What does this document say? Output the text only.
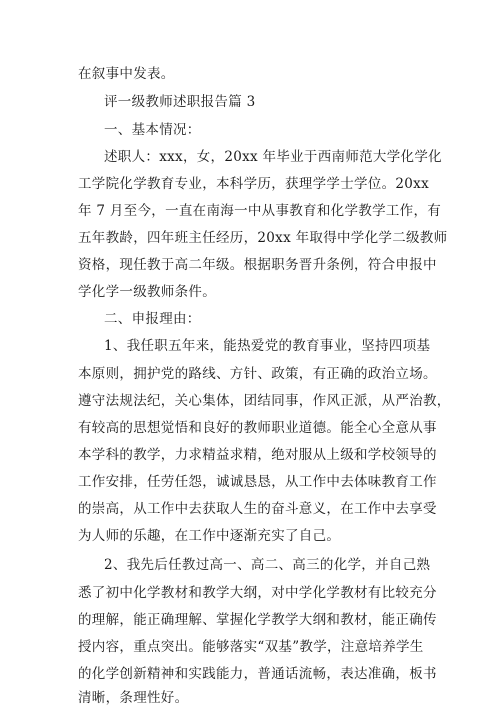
在叙事中发表。
评一级教师述职报告篇 3
一、基本情况：
述职人：xxx，女，20xx 年毕业于西南师范大学化学化
工学院化学教育专业，本科学历，获理学学士学位。20xx
年 7 月至今，一直在南海一中从事教育和化学教学工作，有
五年教龄，四年班主任经历，20xx 年取得中学化学二级教师
资格，现任教于高二年级。根据职务晋升条例，符合申报中
学化学一级教师条件。
二、申报理由：
1、我任职五年来，能热爱党的教育事业，坚持四项基
本原则，拥护党的路线、方针、政策，有正确的政治立场。
遵守法规法纪，关心集体，团结同事，作风正派，从严治教，
有较高的思想觉悟和良好的教师职业道德。能全心全意从事
本学科的教学，力求精益求精，绝对服从上级和学校领导的
工作安排，任劳任怨，诚诚恳恳，从工作中去体味教育工作
的崇高，从工作中去获取人生的奋斗意义，在工作中去享受
为人师的乐趣，在工作中逐渐充实了自己。
2、我先后任教过高一、高二、高三的化学，并自己熟
悉了初中化学教材和教学大纲，对中学化学教材有比较充分
的理解，能正确理解、掌握化学教学大纲和教材，能正确传
授内容，重点突出。能够落实“双基”教学，注意培养学生
的化学创新精神和实践能力，普通话流畅，表达准确，板书
清晰，条理性好。
